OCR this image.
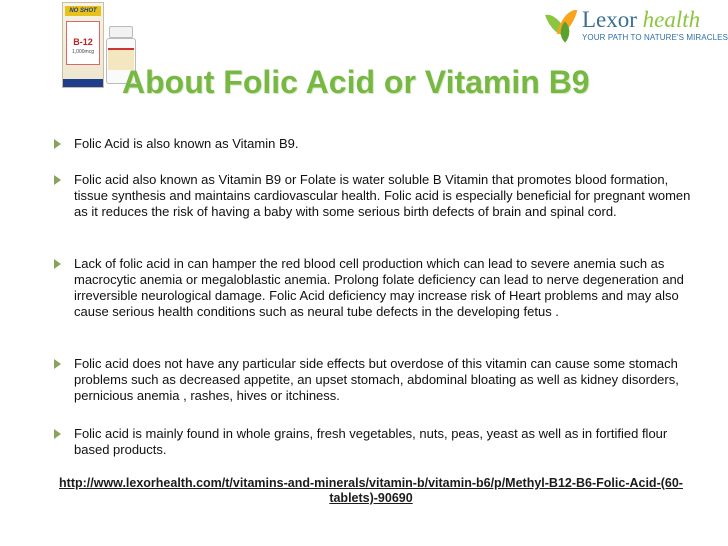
NO SHOT
B-12
1,000mcg
Lexor health
YOUR PATH TO NATURE'S MIRACLES
About Folic Acid or Vitamin B9
Folic Acid is also known as Vitamin B9.
Folic acid also known as Vitamin B9 or Folate is water soluble B Vitamin that promotes blood formation, tissue synthesis and maintains cardiovascular health. Folic acid is especially beneficial for pregnant women as it reduces the risk of having a baby with some serious birth defects of brain and spinal cord.
Lack of folic acid in can hamper the red blood cell production which can lead to severe anemia such as macrocytic anemia or megaloblastic anemia. Prolong folate deficiency can lead to nerve degeneration and irreversible neurological damage. Folic Acid deficiency may increase risk of Heart problems and may also cause serious health conditions such as neural tube defects in the developing fetus .
Folic acid does not have any particular side effects but overdose of this vitamin can cause some stomach problems such as decreased appetite, an upset stomach, abdominal bloating as well as kidney disorders, pernicious anemia , rashes, hives or itchiness.
Folic acid is mainly found in whole grains, fresh vegetables, nuts, peas, yeast as well as in fortified flour based products.
http://www.lexorhealth.com/t/vitamins-and-minerals/vitamin-b/vitamin-b6/p/Methyl-B12-B6-Folic-Acid-(60-tablets)-90690
